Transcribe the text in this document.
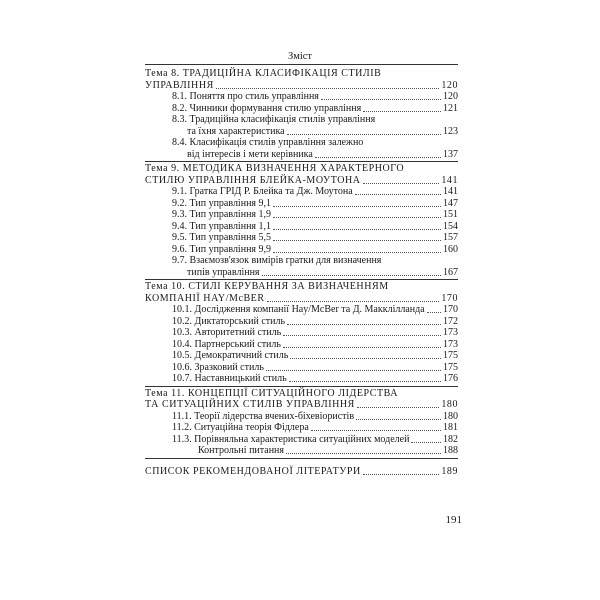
Зміст
Тема 8. ТРАДИЦІЙНА КЛАСИФІКАЦІЯ СТИЛІВ
УПРАВЛІННЯ	120
8.1. Поняття про стиль управління	120
8.2. Чинники формування стилю управління	121
8.3. Традиційна класифікація стилів управління
та їхня характеристика	123
8.4. Класифікація стилів управління залежно
від інтересів і мети керівника	137
Тема 9. МЕТОДИКА ВИЗНАЧЕННЯ ХАРАКТЕРНОГО
СТИЛЮ УПРАВЛІННЯ БЛЕЙКА-МОУТОНА	141
9.1. Гратка ГРІД Р. Блейка та Дж. Моутона	141
9.2. Тип управління 9,1	147
9.3. Тип управління 1,9	151
9.4. Тип управління 1,1	154
9.5. Тип управління 5,5	157
9.6. Тип управління 9,9	160
9.7. Взаємозв'язок вимірів гратки для визначення
типів управління	167
Тема 10. СТИЛІ КЕРУВАННЯ ЗА ВИЗНАЧЕННЯМ
КОМПАНІЇ HAY/McBER	170
10.1. Дослідження компанії Hay/McBer та Д. Макклілланда 170
10.2. Диктаторський стиль	172
10.3. Авторитетний стиль	173
10.4. Партнерський стиль	173
10.5. Демократичний стиль	175
10.6. Зразковий стиль	175
10.7. Наставницький стиль	176
Тема 11. КОНЦЕПЦІЇ СИТУАЦІЙНОГО ЛІДЕРСТВА
ТА СИТУАЦІЙНИХ СТИЛІВ УПРАВЛІННЯ	180
11.1. Теорії лідерства вчених-біхевіористів	180
11.2. Ситуаційна теорія Фідлера	181
11.3. Порівняльна характеристика ситуаційних моделей	182
Контрольні питання	188
СПИСОК РЕКОМЕНДОВАНОЇ ЛІТЕРАТУРИ	189
191
